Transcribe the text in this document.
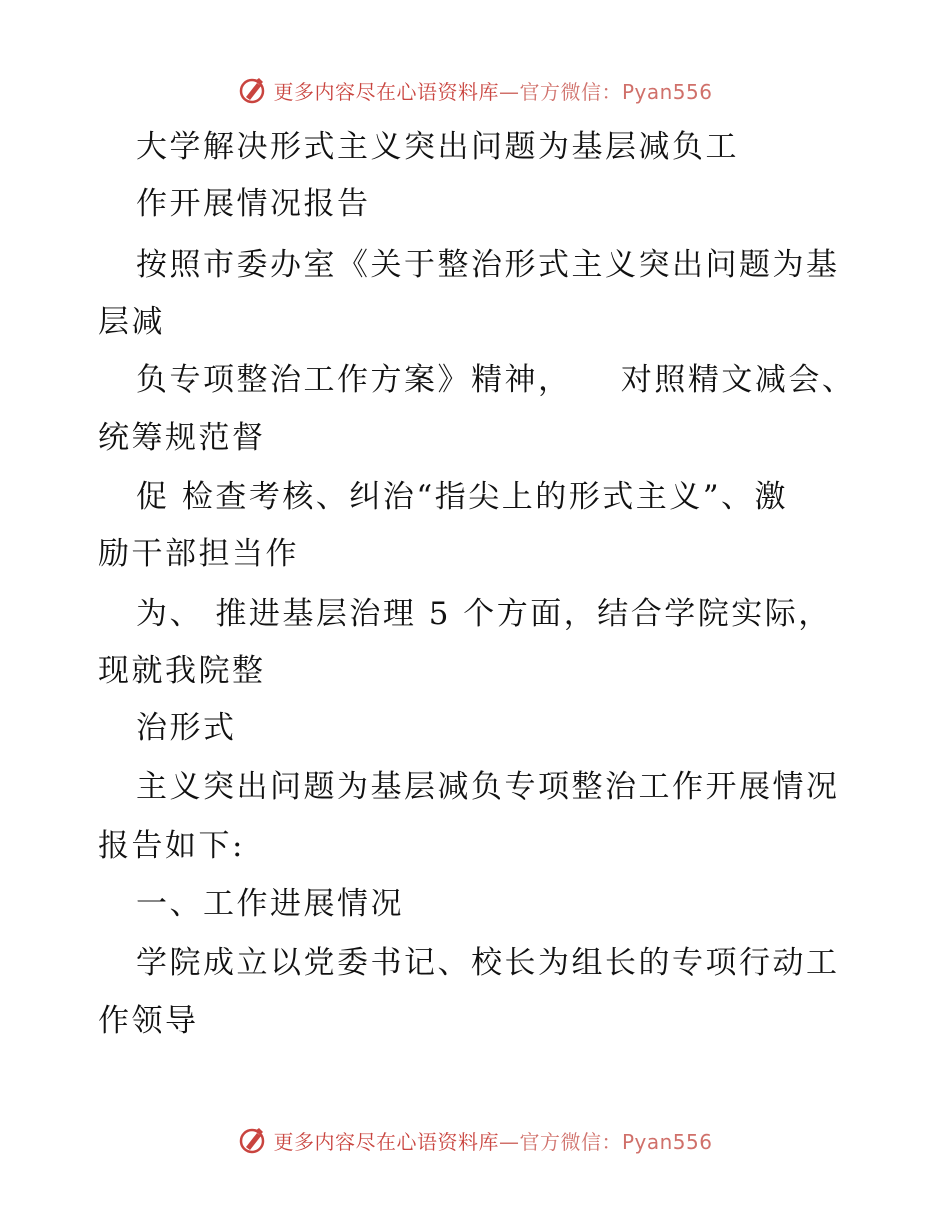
更多内容尽在心语资料库—官方微信：Pyan556
大学解决形式主义突出问题为基层减负工
作开展情况报告
按照市委办室《关于整治形式主义突出问题为基
层减
负专项整治工作方案》精神，    对照精文减会、
统筹规范督
促 检查考核、纠治“指尖上的形式主义”、激
励干部担当作
为、 推进基层治理 5 个方面，结合学院实际，
现就我院整
治形式
主义突出问题为基层减负专项整治工作开展情况
报告如下:
一、工作进展情况
学院成立以党委书记、校长为组长的专项行动工
作领导
更多内容尽在心语资料库—官方微信：Pyan556
